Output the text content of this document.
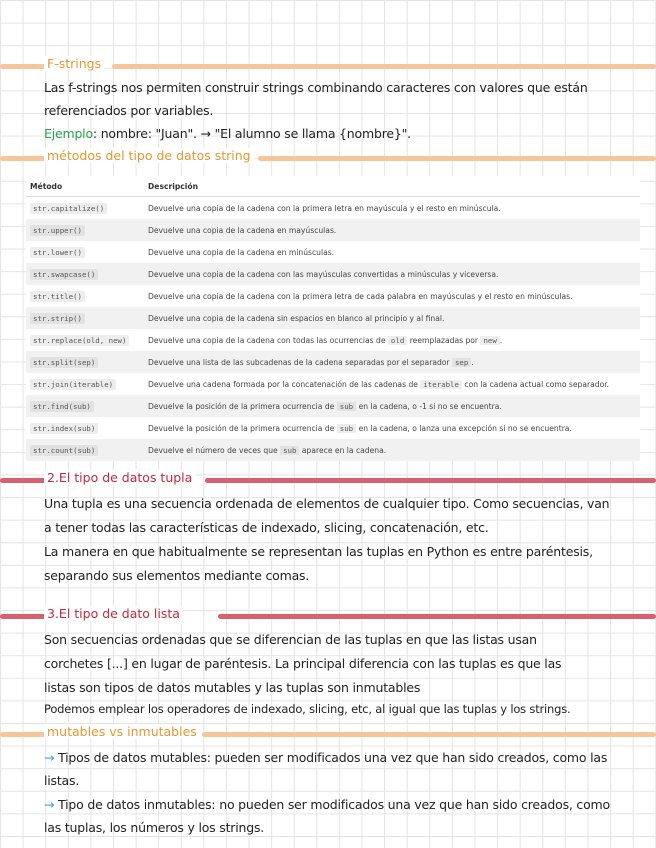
F-strings
Las f-strings nos permiten construir strings combinando caracteres con valores que están
referenciados por variables.
Ejemplo: nombre: "Juan". → "El alumno se llama {nombre}".
métodos del tipo de datos string
Método	Descripción
str.capitalize()	Devuelve una copia de la cadena con la primera letra en mayúscula y el resto en minúscula.
str.upper()	Devuelve una copia de la cadena en mayúsculas.
str.lower()	Devuelve una copia de la cadena en minúsculas.
str.swapcase()	Devuelve una copia de la cadena con las mayúsculas convertidas a minúsculas y viceversa.
str.title()	Devuelve una copia de la cadena con la primera letra de cada palabra en mayúsculas y el resto en minúsculas.
str.strip()	Devuelve una copia de la cadena sin espacios en blanco al principio y al final.
str.replace(old, new)	Devuelve una copia de la cadena con todas las ocurrencias de old reemplazadas por new .
str.split(sep)	Devuelve una lista de las subcadenas de la cadena separadas por el separador sep .
str.join(iterable)	Devuelve una cadena formada por la concatenación de las cadenas de iterable con la cadena actual como separador.
str.find(sub)	Devuelve la posición de la primera ocurrencia de sub en la cadena, o -1 si no se encuentra.
str.index(sub)	Devuelve la posición de la primera ocurrencia de sub en la cadena, o lanza una excepción si no se encuentra.
str.count(sub)	Devuelve el número de veces que sub aparece en la cadena.
2.El tipo de datos tupla
Una tupla es una secuencia ordenada de elementos de cualquier tipo. Como secuencias, van
a tener todas las características de indexado, slicing, concatenación, etc.
La manera en que habitualmente se representan las tuplas en Python es entre paréntesis,
separando sus elementos mediante comas.
3.El tipo de dato lista
Son secuencias ordenadas que se diferencian de las tuplas en que las listas usan
corchetes [...] en lugar de paréntesis. La principal diferencia con las tuplas es que las
listas son tipos de datos mutables y las tuplas son inmutables
Podemos emplear los operadores de indexado, slicing, etc, al igual que las tuplas y los strings.
mutables vs inmutables
→ Tipos de datos mutables: pueden ser modificados una vez que han sido creados, como las
listas.
→ Tipo de datos inmutables: no pueden ser modificados una vez que han sido creados, como
las tuplas, los números y los strings.
